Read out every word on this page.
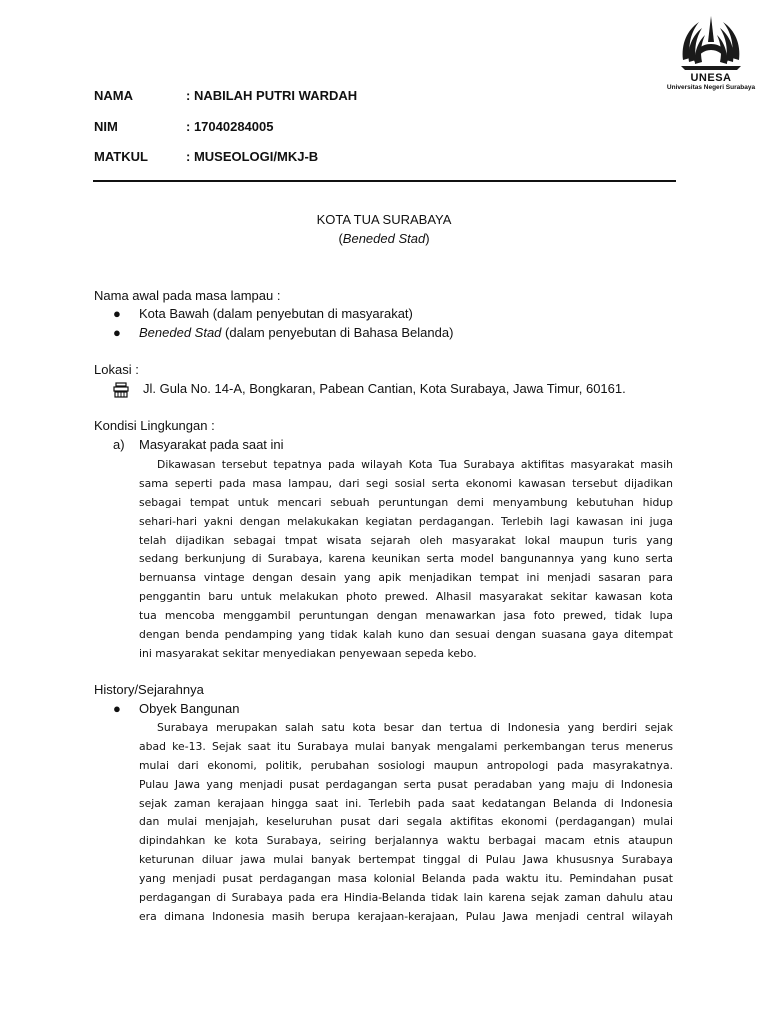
UNESA
Universitas Negeri Surabaya
NAMA	: NABILAH PUTRI WARDAH
NIM	: 17040284005
MATKUL	: MUSEOLOGI/MKJ-B
KOTA TUA SURABAYA
(Beneded Stad)
Nama awal pada masa lampau :
● Kota Bawah (dalam penyebutan di masyarakat)
● Beneded Stad (dalam penyebutan di Bahasa Belanda)
Lokasi :
Jl. Gula No. 14-A, Bongkaran, Pabean Cantian, Kota Surabaya, Jawa Timur, 60161.
Kondisi Lingkungan :
a) Masyarakat pada saat ini
Dikawasan tersebut tepatnya pada wilayah Kota Tua Surabaya aktifitas masyarakat masih
sama seperti pada masa lampau, dari segi sosial serta ekonomi kawasan tersebut dijadikan
sebagai tempat untuk mencari sebuah peruntungan demi menyambung kebutuhan hidup
sehari-hari yakni dengan melakukakan kegiatan perdagangan. Terlebih lagi kawasan ini juga
telah dijadikan sebagai tmpat wisata sejarah oleh masyarakat lokal maupun turis yang
sedang berkunjung di Surabaya, karena keunikan serta model bangunannya yang kuno serta
bernuansa vintage dengan desain yang apik menjadikan tempat ini menjadi sasaran para
penggantin baru untuk melakukan photo prewed. Alhasil masyarakat sekitar kawasan kota
tua mencoba menggambil peruntungan dengan menawarkan jasa foto prewed, tidak lupa
dengan benda pendamping yang tidak kalah kuno dan sesuai dengan suasana gaya ditempat
ini masyarakat sekitar menyediakan penyewaan sepeda kebo.
History/Sejarahnya
● Obyek Bangunan
Surabaya merupakan salah satu kota besar dan tertua di Indonesia yang berdiri sejak
abad ke-13. Sejak saat itu Surabaya mulai banyak mengalami perkembangan terus menerus
mulai dari ekonomi, politik, perubahan sosiologi maupun antropologi pada masyrakatnya.
Pulau Jawa yang menjadi pusat perdagangan serta pusat peradaban yang maju di Indonesia
sejak zaman kerajaan hingga saat ini. Terlebih pada saat kedatangan Belanda di Indonesia
dan mulai menjajah, keseluruhan pusat dari segala aktifitas ekonomi (perdagangan) mulai
dipindahkan ke kota Surabaya, seiring berjalannya waktu berbagai macam etnis ataupun
keturunan diluar jawa mulai banyak bertempat tinggal di Pulau Jawa khususnya Surabaya
yang menjadi pusat perdagangan masa kolonial Belanda pada waktu itu. Pemindahan pusat
perdagangan di Surabaya pada era Hindia-Belanda tidak lain karena sejak zaman dahulu atau
era dimana Indonesia masih berupa kerajaan-kerajaan, Pulau Jawa menjadi central wilayah
